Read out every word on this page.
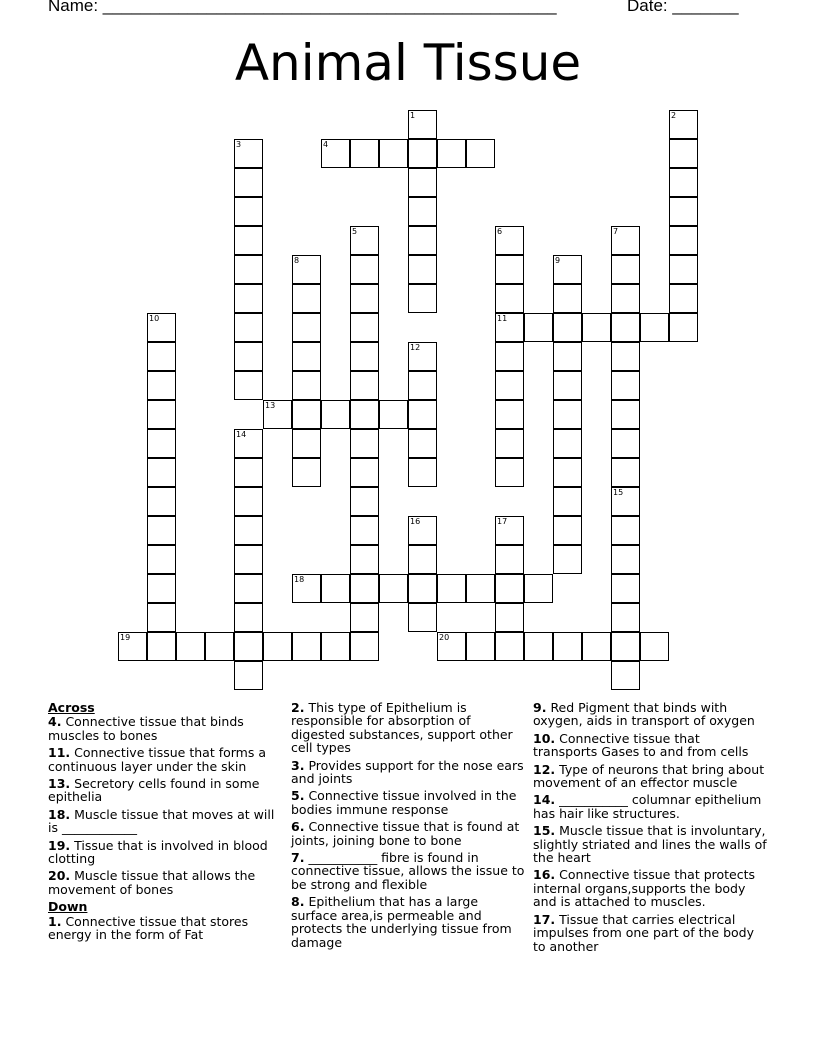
Name: ________________________________________________	Date: _______
Animal Tissue
1	2
3	4
5	6
11
7
8	9
10
12
13
14
15
16	17
18
19	20
Across
4. Connective tissue that binds muscles to bones
11. Connective tissue that forms a continuous layer under the skin
13. Secretory cells found in some epithelia
18. Muscle tissue that moves at will is ____________
19. Tissue that is involved in blood clotting
20. Muscle tissue that allows the movement of bones
Down
1. Connective tissue that stores energy in the form of Fat
2. This type of Epithelium is responsible for absorption of digested substances, support other cell types
3. Provides support for the nose ears and joints
5. Connective tissue involved in the bodies immune response
6. Connective tissue that is found at joints, joining bone to bone
7. ___________ fibre is found in connective tissue, allows the issue to be strong and flexible
8. Epithelium that has a large surface area,is permeable and protects the underlying tissue from damage
9. Red Pigment that binds with oxygen, aids in transport of oxygen
10. Connective tissue that transports Gases to and from cells
12. Type of neurons that bring about movement of an effector muscle
14. ___________ columnar epithelium has hair like structures.
15. Muscle tissue that is involuntary, slightly striated and lines the walls of the heart
16. Connective tissue that protects internal organs,supports the body and is attached to muscles.
17. Tissue that carries electrical impulses from one part of the body to another
